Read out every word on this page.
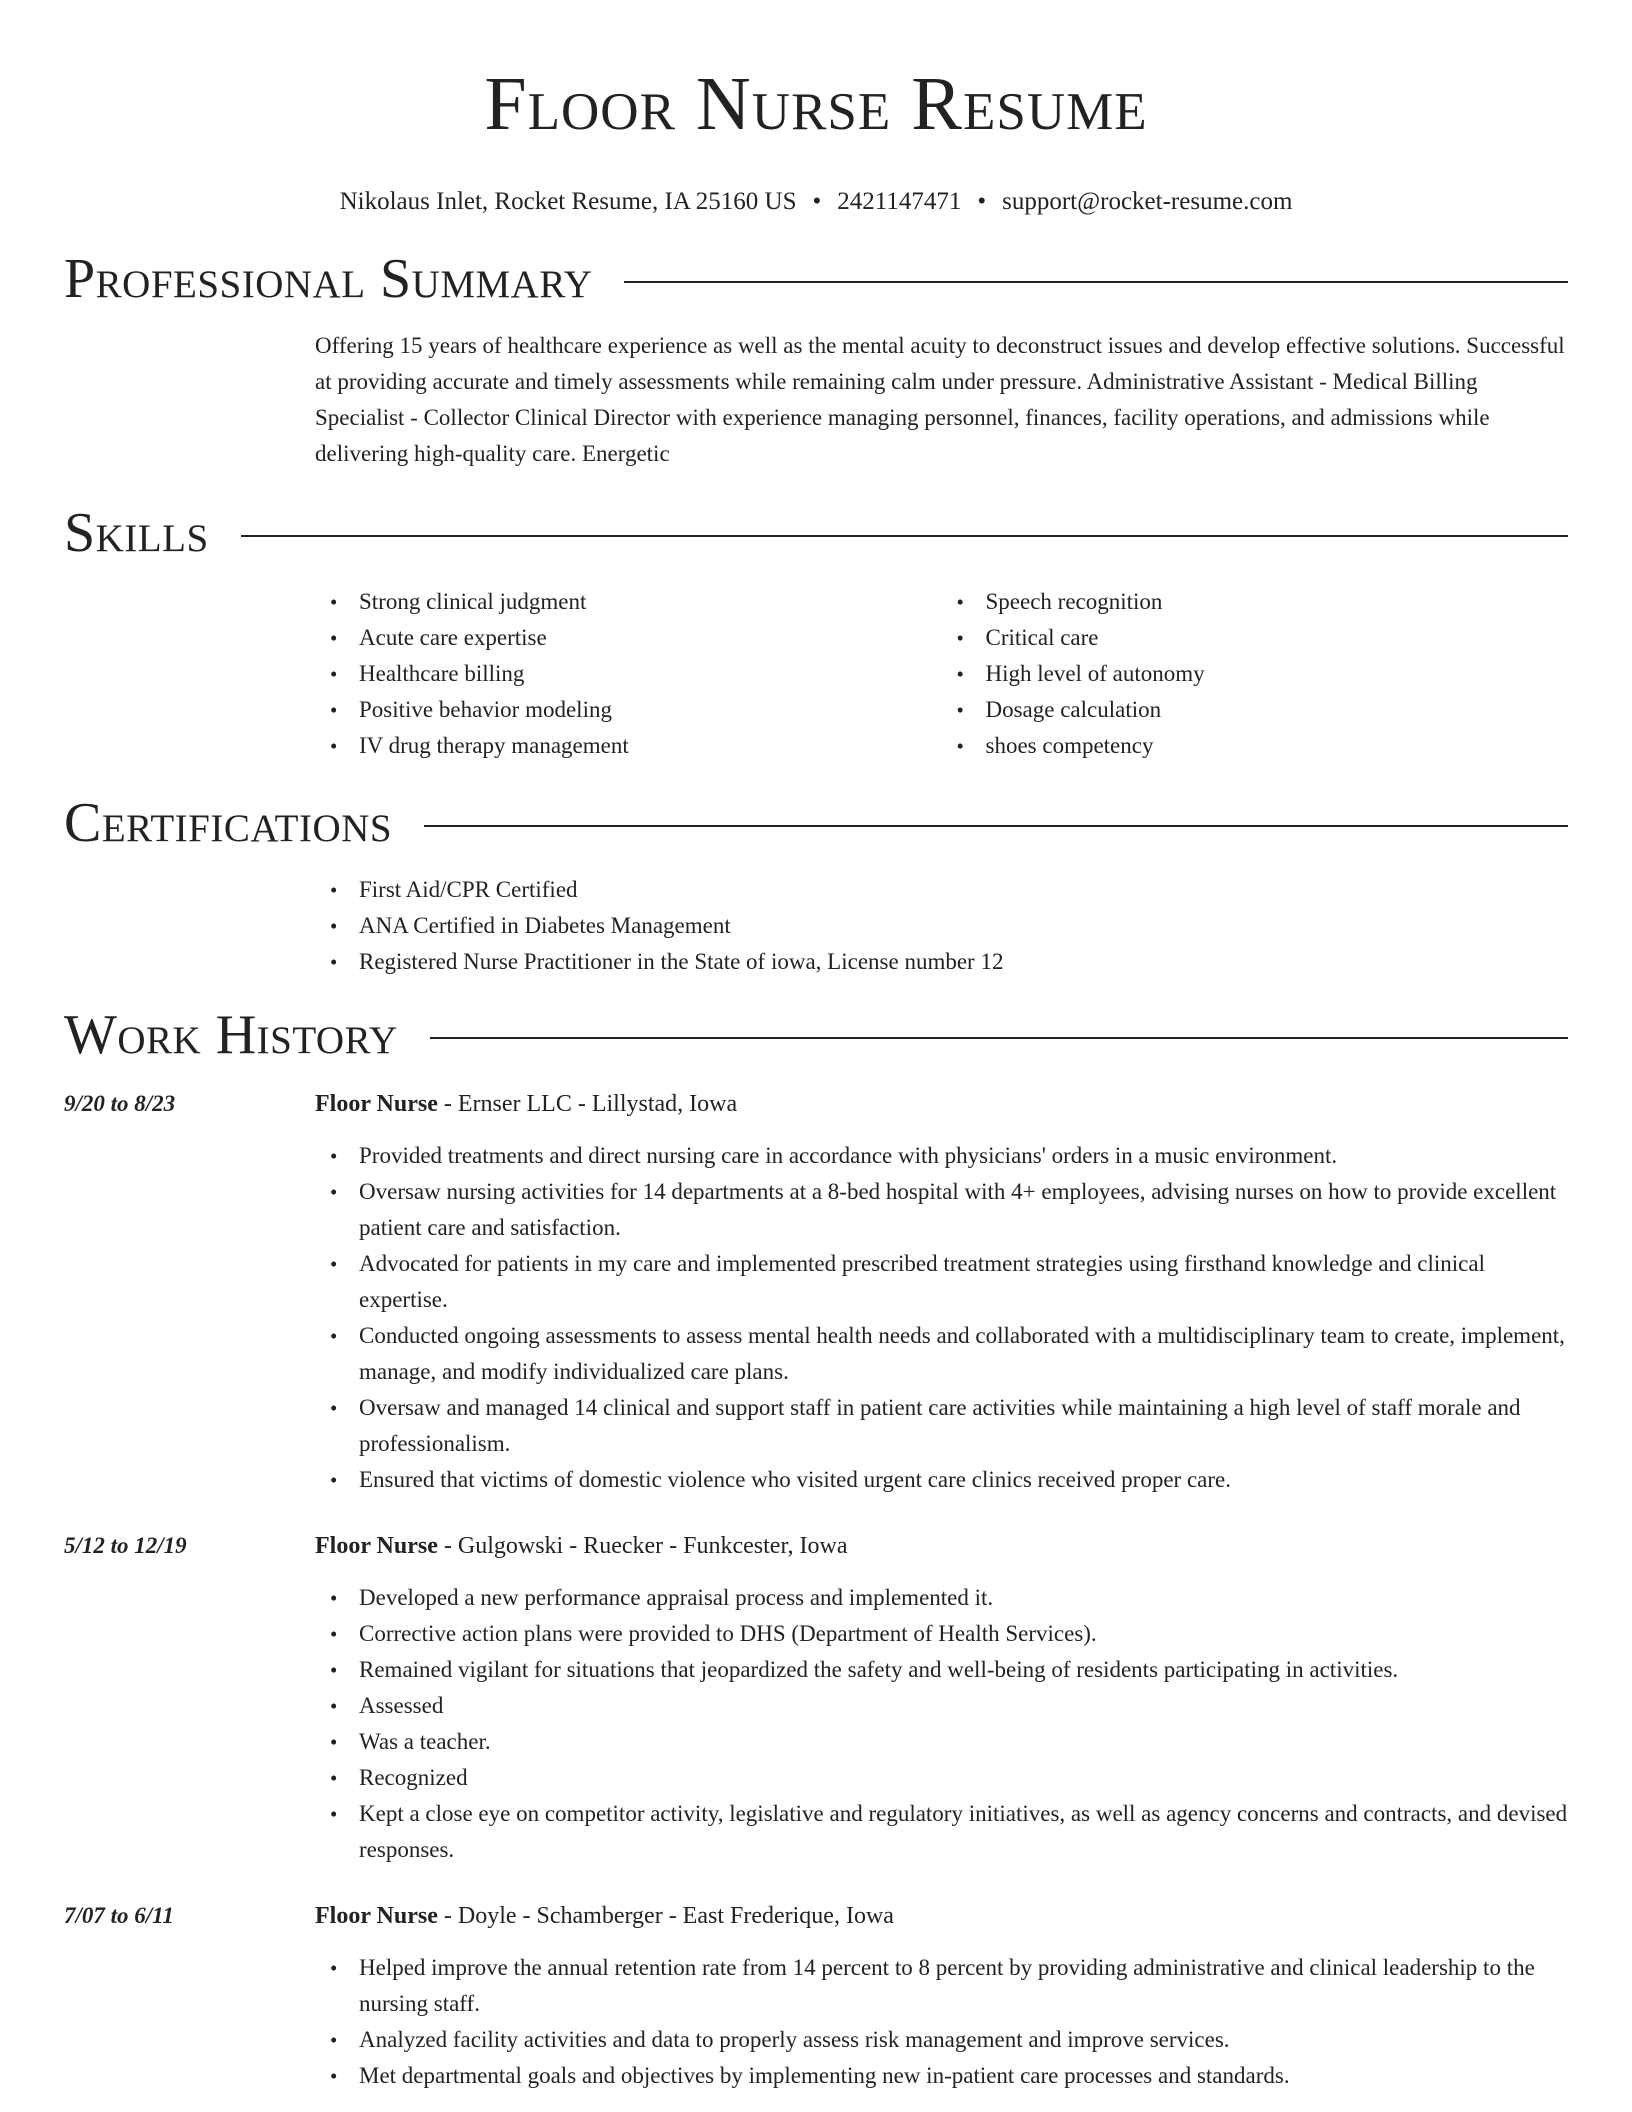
Floor Nurse Resume
Nikolaus Inlet, Rocket Resume, IA 25160 US • 2421147471 • support@rocket-resume.com
Professional Summary
Offering 15 years of healthcare experience as well as the mental acuity to deconstruct issues and develop effective solutions. Successful at providing accurate and timely assessments while remaining calm under pressure. Administrative Assistant - Medical Billing Specialist - Collector Clinical Director with experience managing personnel, finances, facility operations, and admissions while delivering high-quality care. Energetic
Skills
• Strong clinical judgment
• Acute care expertise
• Healthcare billing
• Positive behavior modeling
• IV drug therapy management
• Speech recognition
• Critical care
• High level of autonomy
• Dosage calculation
• shoes competency
Certifications
• First Aid/CPR Certified
• ANA Certified in Diabetes Management
• Registered Nurse Practitioner in the State of iowa, License number 12
Work History
9/20 to 8/23	Floor Nurse - Ernser LLC - Lillystad, Iowa
• Provided treatments and direct nursing care in accordance with physicians' orders in a music environment.
• Oversaw nursing activities for 14 departments at a 8-bed hospital with 4+ employees, advising nurses on how to provide excellent patient care and satisfaction.
• Advocated for patients in my care and implemented prescribed treatment strategies using firsthand knowledge and clinical expertise.
• Conducted ongoing assessments to assess mental health needs and collaborated with a multidisciplinary team to create, implement, manage, and modify individualized care plans.
• Oversaw and managed 14 clinical and support staff in patient care activities while maintaining a high level of staff morale and professionalism.
• Ensured that victims of domestic violence who visited urgent care clinics received proper care.
5/12 to 12/19	Floor Nurse - Gulgowski - Ruecker - Funkcester, Iowa
• Developed a new performance appraisal process and implemented it.
• Corrective action plans were provided to DHS (Department of Health Services).
• Remained vigilant for situations that jeopardized the safety and well-being of residents participating in activities.
• Assessed
• Was a teacher.
• Recognized
• Kept a close eye on competitor activity, legislative and regulatory initiatives, as well as agency concerns and contracts, and devised responses.
7/07 to 6/11	Floor Nurse - Doyle - Schamberger - East Frederique, Iowa
• Helped improve the annual retention rate from 14 percent to 8 percent by providing administrative and clinical leadership to the nursing staff.
• Analyzed facility activities and data to properly assess risk management and improve services.
• Met departmental goals and objectives by implementing new in-patient care processes and standards.
